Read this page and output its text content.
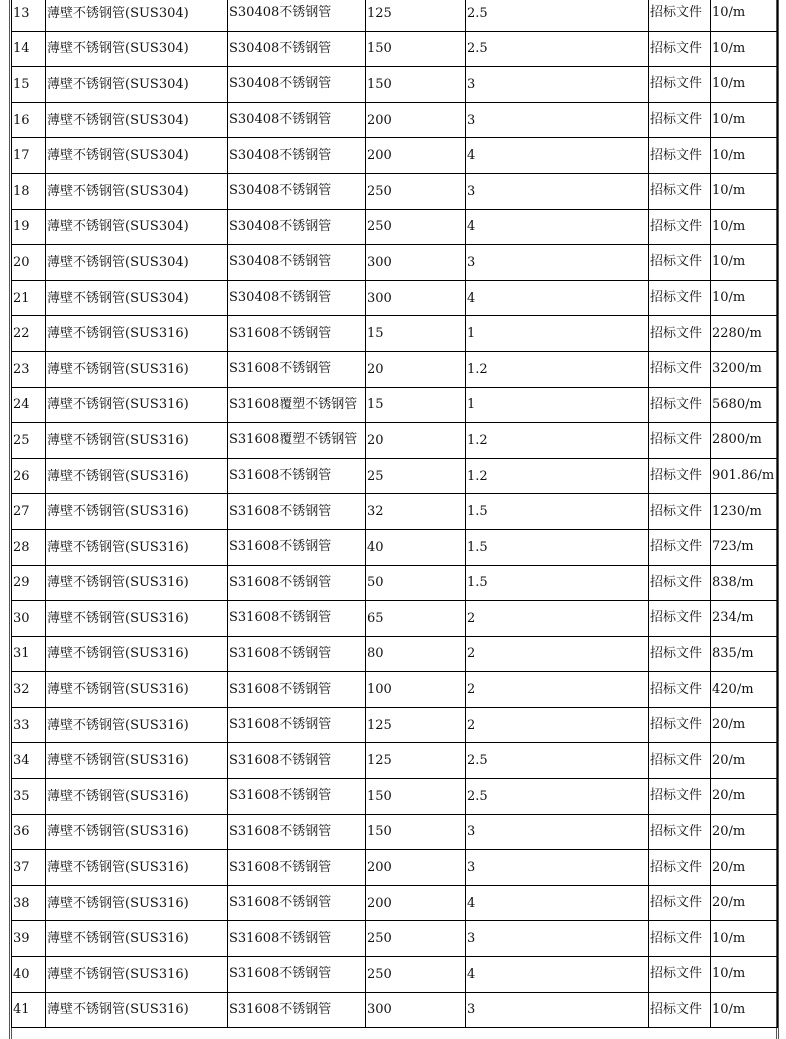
13	薄壁不锈钢管(SUS304)	S30408不锈钢管	125	2.5	招标文件	10/m
14	薄壁不锈钢管(SUS304)	S30408不锈钢管	150	2.5	招标文件	10/m
15	薄壁不锈钢管(SUS304)	S30408不锈钢管	150	3	招标文件	10/m
16	薄壁不锈钢管(SUS304)	S30408不锈钢管	200	3	招标文件	10/m
17	薄壁不锈钢管(SUS304)	S30408不锈钢管	200	4	招标文件	10/m
18	薄壁不锈钢管(SUS304)	S30408不锈钢管	250	3	招标文件	10/m
19	薄壁不锈钢管(SUS304)	S30408不锈钢管	250	4	招标文件	10/m
20	薄壁不锈钢管(SUS304)	S30408不锈钢管	300	3	招标文件	10/m
21	薄壁不锈钢管(SUS304)	S30408不锈钢管	300	4	招标文件	10/m
22	薄壁不锈钢管(SUS316)	S31608不锈钢管	15	1	招标文件	2280/m
23	薄壁不锈钢管(SUS316)	S31608不锈钢管	20	1.2	招标文件	3200/m
24	薄壁不锈钢管(SUS316)	S31608覆塑不锈钢管	15	1	招标文件	5680/m
25	薄壁不锈钢管(SUS316)	S31608覆塑不锈钢管	20	1.2	招标文件	2800/m
26	薄壁不锈钢管(SUS316)	S31608不锈钢管	25	1.2	招标文件	901.86/m
27	薄壁不锈钢管(SUS316)	S31608不锈钢管	32	1.5	招标文件	1230/m
28	薄壁不锈钢管(SUS316)	S31608不锈钢管	40	1.5	招标文件	723/m
29	薄壁不锈钢管(SUS316)	S31608不锈钢管	50	1.5	招标文件	838/m
30	薄壁不锈钢管(SUS316)	S31608不锈钢管	65	2	招标文件	234/m
31	薄壁不锈钢管(SUS316)	S31608不锈钢管	80	2	招标文件	835/m
32	薄壁不锈钢管(SUS316)	S31608不锈钢管	100	2	招标文件	420/m
33	薄壁不锈钢管(SUS316)	S31608不锈钢管	125	2	招标文件	20/m
34	薄壁不锈钢管(SUS316)	S31608不锈钢管	125	2.5	招标文件	20/m
35	薄壁不锈钢管(SUS316)	S31608不锈钢管	150	2.5	招标文件	20/m
36	薄壁不锈钢管(SUS316)	S31608不锈钢管	150	3	招标文件	20/m
37	薄壁不锈钢管(SUS316)	S31608不锈钢管	200	3	招标文件	20/m
38	薄壁不锈钢管(SUS316)	S31608不锈钢管	200	4	招标文件	20/m
39	薄壁不锈钢管(SUS316)	S31608不锈钢管	250	3	招标文件	10/m
40	薄壁不锈钢管(SUS316)	S31608不锈钢管	250	4	招标文件	10/m
41	薄壁不锈钢管(SUS316)	S31608不锈钢管	300	3	招标文件	10/m
